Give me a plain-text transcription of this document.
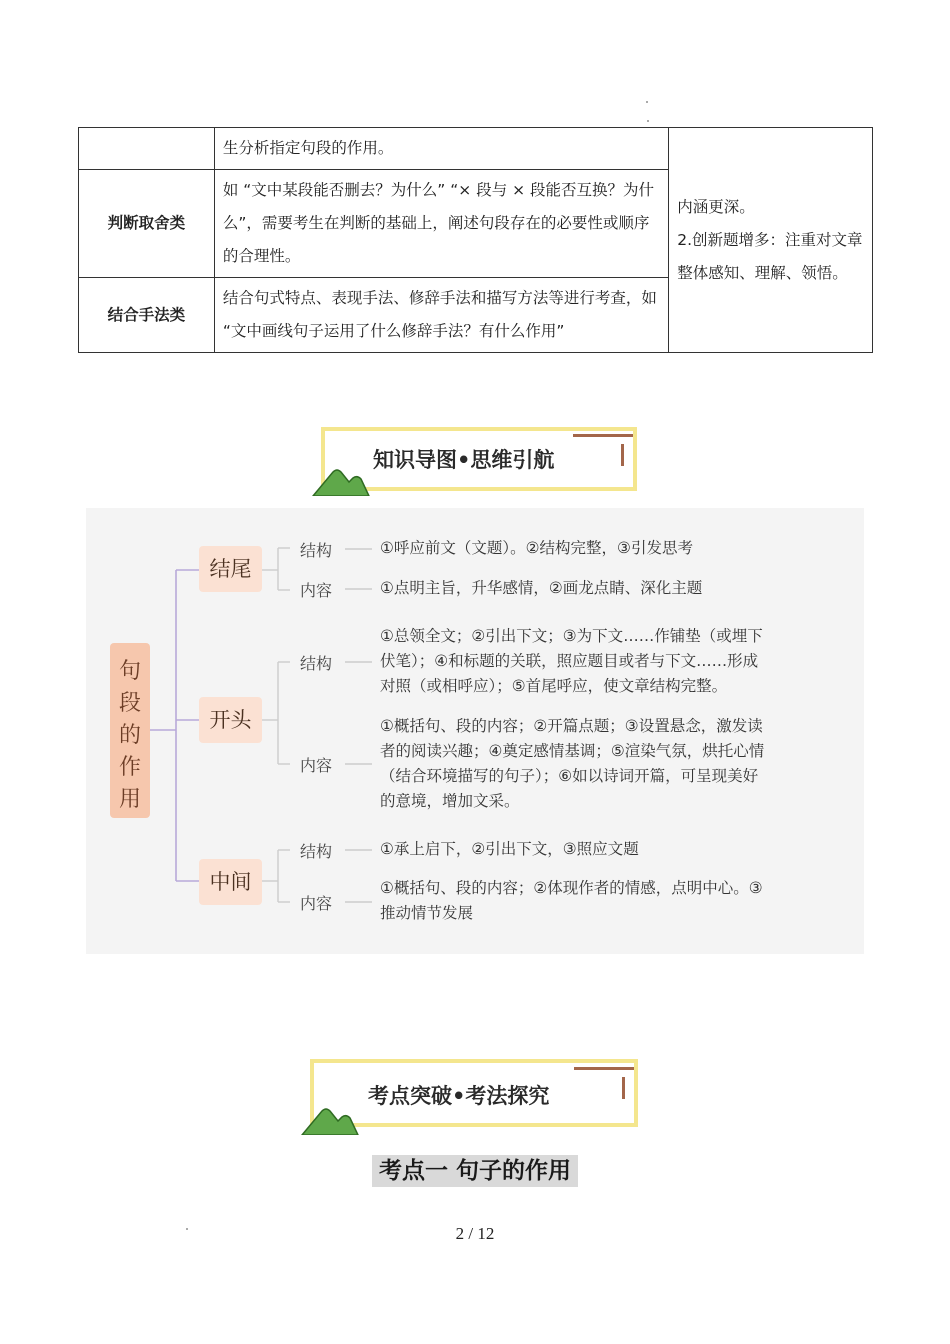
	生分析指定句段的作用。	内涵更深。
2.创新题增多：注重对文章整体感知、理解、领悟。
判断取舍类	如 “文中某段能否删去？为什么” “× 段与 × 段能否互换？为什么”，需要考生在判断的基础上，阐述句段存在的必要性或顺序的合理性。	
结合手法类	结合句式特点、表现手法、修辞手法和描写方法等进行考查，如 “文中画线句子运用了什么修辞手法？有什么作用”	
知识导图•思维引航
句
段
的
作
用
结尾
结构	①呼应前文（文题）。②结构完整，③引发思考
内容	①点明主旨，升华感情，②画龙点睛、深化主题
开头
结构
①总领全文；②引出下文；③为下文……作铺垫（或埋下
伏笔）；④和标题的关联，照应题目或者与下文……形成
对照（或相呼应）；⑤首尾呼应，使文章结构完整。
内容
①概括句、段的内容；②开篇点题；③设置悬念，激发读
者的阅读兴趣；④奠定感情基调；⑤渲染气氛，烘托心情
（结合环境描写的句子）；⑥如以诗词开篇，可呈现美好
的意境，增加文采。
中间
结构	①承上启下，②引出下文，③照应文题
内容
①概括句、段的内容；②体现作者的情感，点明中心。③
推动情节发展
考点突破•考法探究
考点一 句子的作用
2 / 12
